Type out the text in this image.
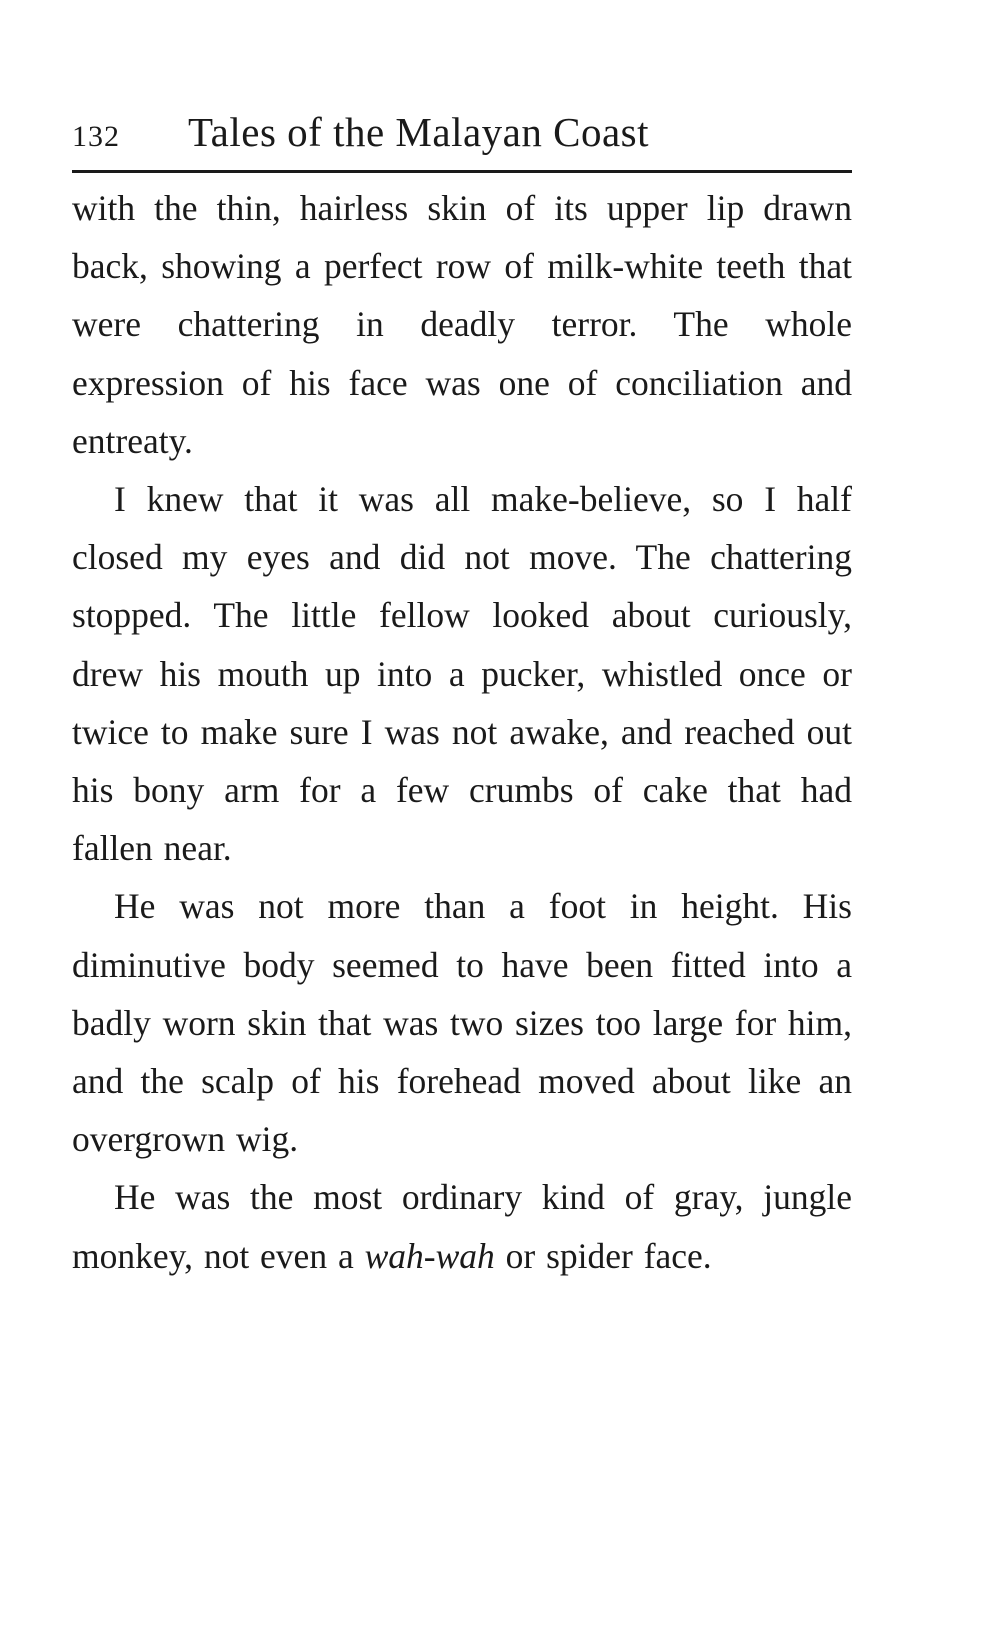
132	Tales of the Malayan Coast

with the thin, hairless skin of its upper lip drawn back, showing a perfect row of milk-white teeth that were chattering in deadly terror. The whole expression of his face was one of conciliation and entreaty.

I knew that it was all make-believe, so I half closed my eyes and did not move. The chattering stopped. The little fellow looked about curiously, drew his mouth up into a pucker, whistled once or twice to make sure I was not awake, and reached out his bony arm for a few crumbs of cake that had fallen near.

He was not more than a foot in height. His diminutive body seemed to have been fitted into a badly worn skin that was two sizes too large for him, and the scalp of his forehead moved about like an overgrown wig.

He was the most ordinary kind of gray, jungle monkey, not even a wah-wah or spider face.
